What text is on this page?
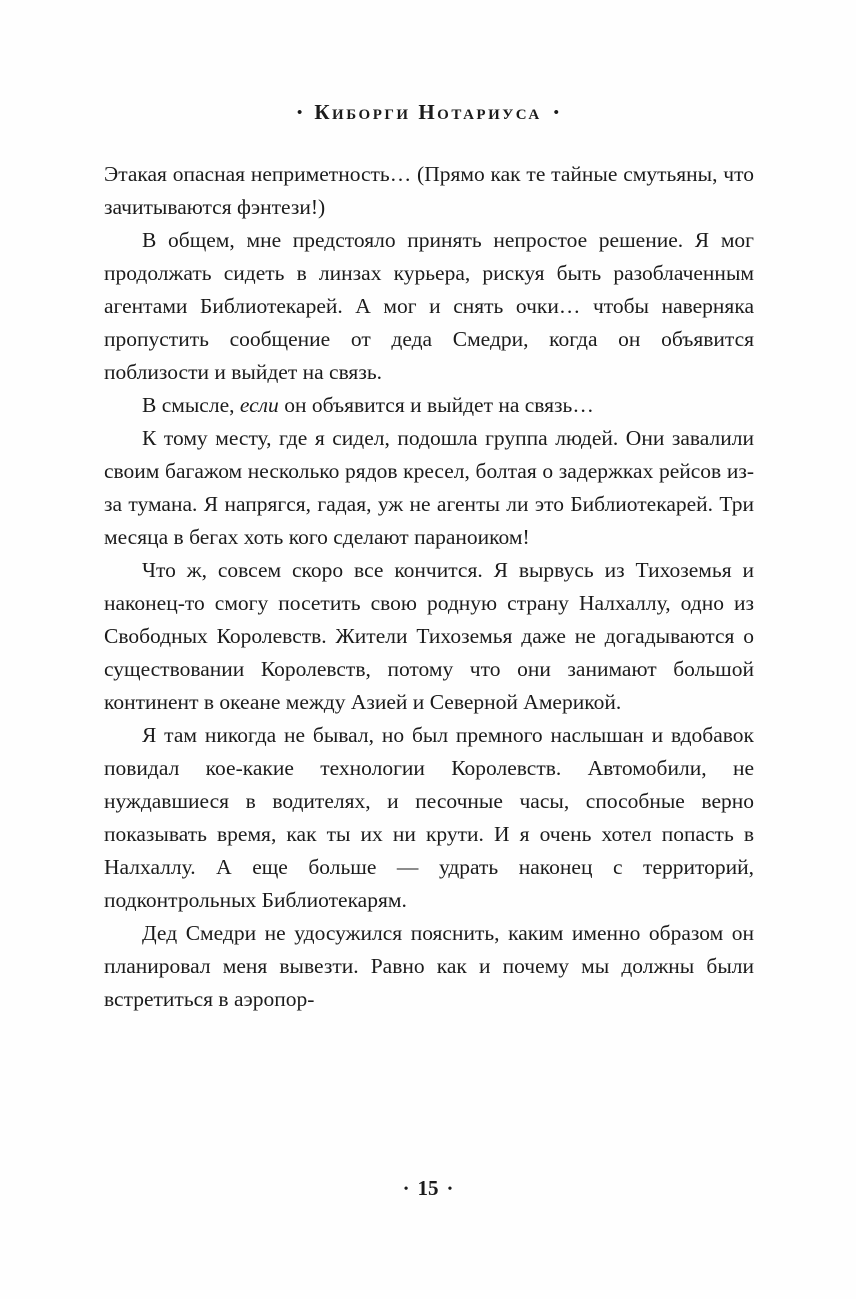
• Киборги Нотариуса •

Этакая опасная неприметность… (Прямо как те тайные смутьяны, что зачитываются фэнтези!)

В общем, мне предстояло принять непростое решение. Я мог продолжать сидеть в линзах курьера, рискуя быть разоблаченным агентами Библиотекарей. А мог и снять очки… чтобы наверняка пропустить сообщение от деда Смедри, когда он объявится поблизости и выйдет на связь.

В смысле, если он объявится и выйдет на связь…

К тому месту, где я сидел, подошла группа людей. Они завалили своим багажом несколько рядов кресел, болтая о задержках рейсов из-за тумана. Я напрягся, гадая, уж не агенты ли это Библиотекарей. Три месяца в бегах хоть кого сделают параноиком!

Что ж, совсем скоро все кончится. Я вырвусь из Тихоземья и наконец-то смогу посетить свою родную страну Налхаллу, одно из Свободных Королевств. Жители Тихоземья даже не догадываются о существовании Королевств, потому что они занимают большой континент в океане между Азией и Северной Америкой.

Я там никогда не бывал, но был премного наслышан и вдобавок повидал кое-какие технологии Королевств. Автомобили, не нуждавшиеся в водителях, и песочные часы, способные верно показывать время, как ты их ни крути. И я очень хотел попасть в Налхаллу. А еще больше — удрать наконец с территорий, подконтрольных Библиотекарям.

Дед Смедри не удосужился пояснить, каким именно образом он планировал меня вывезти. Равно как и почему мы должны были встретиться в аэропор-

• 15 •
